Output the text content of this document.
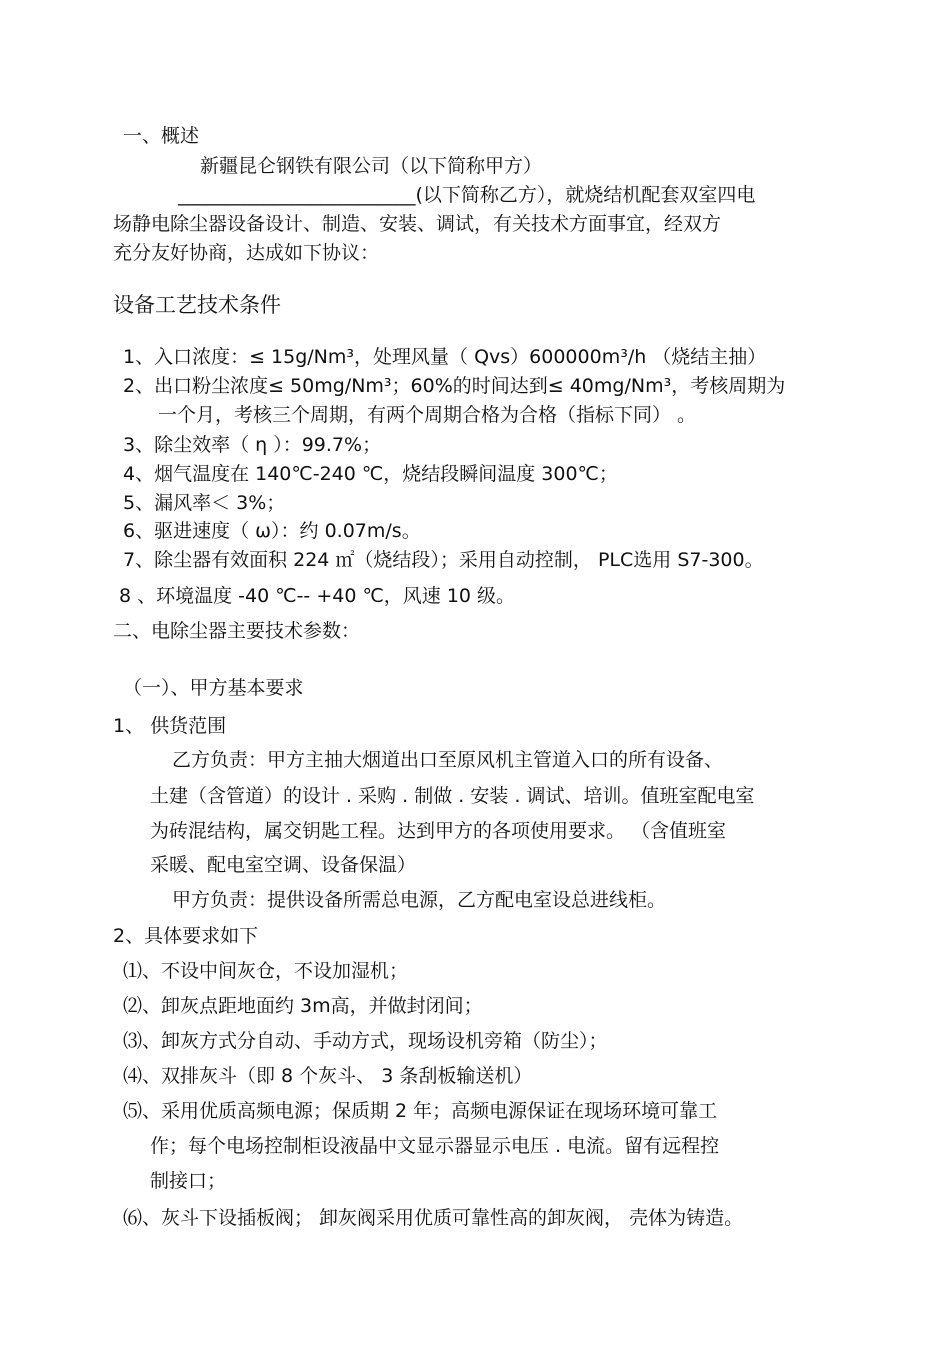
一、概述
新疆昆仑钢铁有限公司（以下简称甲方）
_________________________(以下简称乙方），就烧结机配套双室四电
场静电除尘器设备设计、制造、安装、调试，有关技术方面事宜，经双方
充分友好协商，达成如下协议：
设备工艺技术条件
1、入口浓度：≤ 15g/Nm³，处理风量（ Qvs）600000m³/h （烧结主抽）
2、出口粉尘浓度≤ 50mg/Nm³；60%的时间达到≤ 40mg/Nm³，考核周期为
一个月，考核三个周期，有两个周期合格为合格（指标下同） 。
3、除尘效率（ η ）：99.7%；
4、烟气温度在 140℃-240 ℃，烧结段瞬间温度 300℃；
5、漏风率＜ 3%；
6、驱进速度（ ω）：约 0.07m/s。
7、除尘器有效面积 224 ㎡（烧结段）；采用自动控制， PLC选用 S7-300。
8 、环境温度 -40 ℃-- +40 ℃，风速 10 级。
二、电除尘器主要技术参数：
（一）、甲方基本要求
1、 供货范围
乙方负责：甲方主抽大烟道出口至原风机主管道入口的所有设备、
土建（含管道）的设计 . 采购 . 制做 . 安装 . 调试、培训。值班室配电室
为砖混结构，属交钥匙工程。达到甲方的各项使用要求。 （含值班室
采暖、配电室空调、设备保温）
甲方负责：提供设备所需总电源，乙方配电室设总进线柜。
2、具体要求如下
⑴、不设中间灰仓，不设加湿机；
⑵、卸灰点距地面约 3m高，并做封闭间；
⑶、卸灰方式分自动、手动方式，现场设机旁箱（防尘）；
⑷、双排灰斗（即 8 个灰斗、 3 条刮板输送机）
⑸、采用优质高频电源；保质期 2 年；高频电源保证在现场环境可靠工
作；每个电场控制柜设液晶中文显示器显示电压 . 电流。留有远程控
制接口；
⑹、灰斗下设插板阀； 卸灰阀采用优质可靠性高的卸灰阀， 壳体为铸造。
